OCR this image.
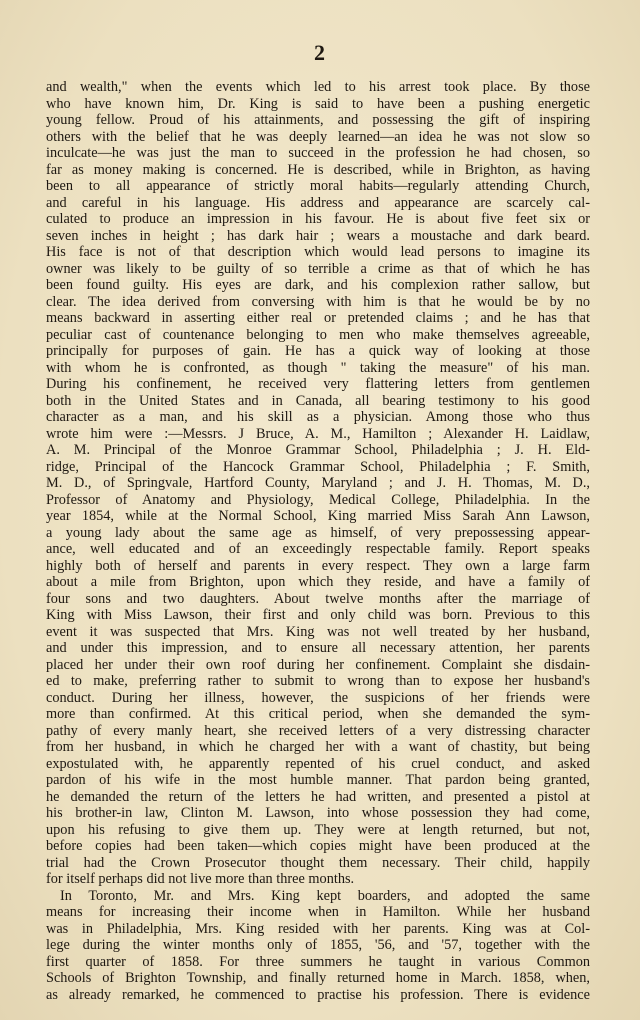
2
and wealth," when the events which led to his arrest took place. By those
who have known him, Dr. King is said to have been a pushing energetic
young fellow. Proud of his attainments, and possessing the gift of inspiring
others with the belief that he was deeply learned—an idea he was not slow so
inculcate—he was just the man to succeed in the profession he had chosen, so
far as money making is concerned. He is described, while in Brighton, as having
been to all appearance of strictly moral habits—regularly attending Church,
and careful in his language. His address and appearance are scarcely cal-
culated to produce an impression in his favour. He is about five feet six or
seven inches in height ; has dark hair ; wears a moustache and dark beard.
His face is not of that description which would lead persons to imagine its
owner was likely to be guilty of so terrible a crime as that of which he has
been found guilty. His eyes are dark, and his complexion rather sallow, but
clear. The idea derived from conversing with him is that he would be by no
means backward in asserting either real or pretended claims ; and he has that
peculiar cast of countenance belonging to men who make themselves agreeable,
principally for purposes of gain. He has a quick way of looking at those
with whom he is confronted, as though " taking the measure" of his man.
During his confinement, he received very flattering letters from gentlemen
both in the United States and in Canada, all bearing testimony to his good
character as a man, and his skill as a physician. Among those who thus
wrote him were :—Messrs. J Bruce, A. M., Hamilton ; Alexander H. Laidlaw,
A. M. Principal of the Monroe Grammar School, Philadelphia ; J. H. Eld-
ridge, Principal of the Hancock Grammar School, Philadelphia ; F. Smith,
M. D., of Springvale, Hartford County, Maryland ; and J. H. Thomas, M. D.,
Professor of Anatomy and Physiology, Medical College, Philadelphia. In the
year 1854, while at the Normal School, King married Miss Sarah Ann Lawson,
a young lady about the same age as himself, of very prepossessing appear-
ance, well educated and of an exceedingly respectable family. Report speaks
highly both of herself and parents in every respect. They own a large farm
about a mile from Brighton, upon which they reside, and have a family of
four sons and two daughters. About twelve months after the marriage of
King with Miss Lawson, their first and only child was born. Previous to this
event it was suspected that Mrs. King was not well treated by her husband,
and under this impression, and to ensure all necessary attention, her parents
placed her under their own roof during her confinement. Complaint she disdain-
ed to make, preferring rather to submit to wrong than to expose her husband's
conduct. During her illness, however, the suspicions of her friends were
more than confirmed. At this critical period, when she demanded the sym-
pathy of every manly heart, she received letters of a very distressing character
from her husband, in which he charged her with a want of chastity, but being
expostulated with, he apparently repented of his cruel conduct, and asked
pardon of his wife in the most humble manner. That pardon being granted,
he demanded the return of the letters he had written, and presented a pistol at
his brother-in law, Clinton M. Lawson, into whose possession they had come,
upon his refusing to give them up. They were at length returned, but not,
before copies had been taken—which copies might have been produced at the
trial had the Crown Prosecutor thought them necessary. Their child, happily
for itself perhaps did not live more than three months.
In Toronto, Mr. and Mrs. King kept boarders, and adopted the same
means for increasing their income when in Hamilton. While her husband
was in Philadelphia, Mrs. King resided with her parents. King was at Col-
lege during the winter months only of 1855, '56, and '57, together with the
first quarter of 1858. For three summers he taught in various Common
Schools of Brighton Township, and finally returned home in March. 1858, when,
as already remarked, he commenced to practise his profession. There is evidence
